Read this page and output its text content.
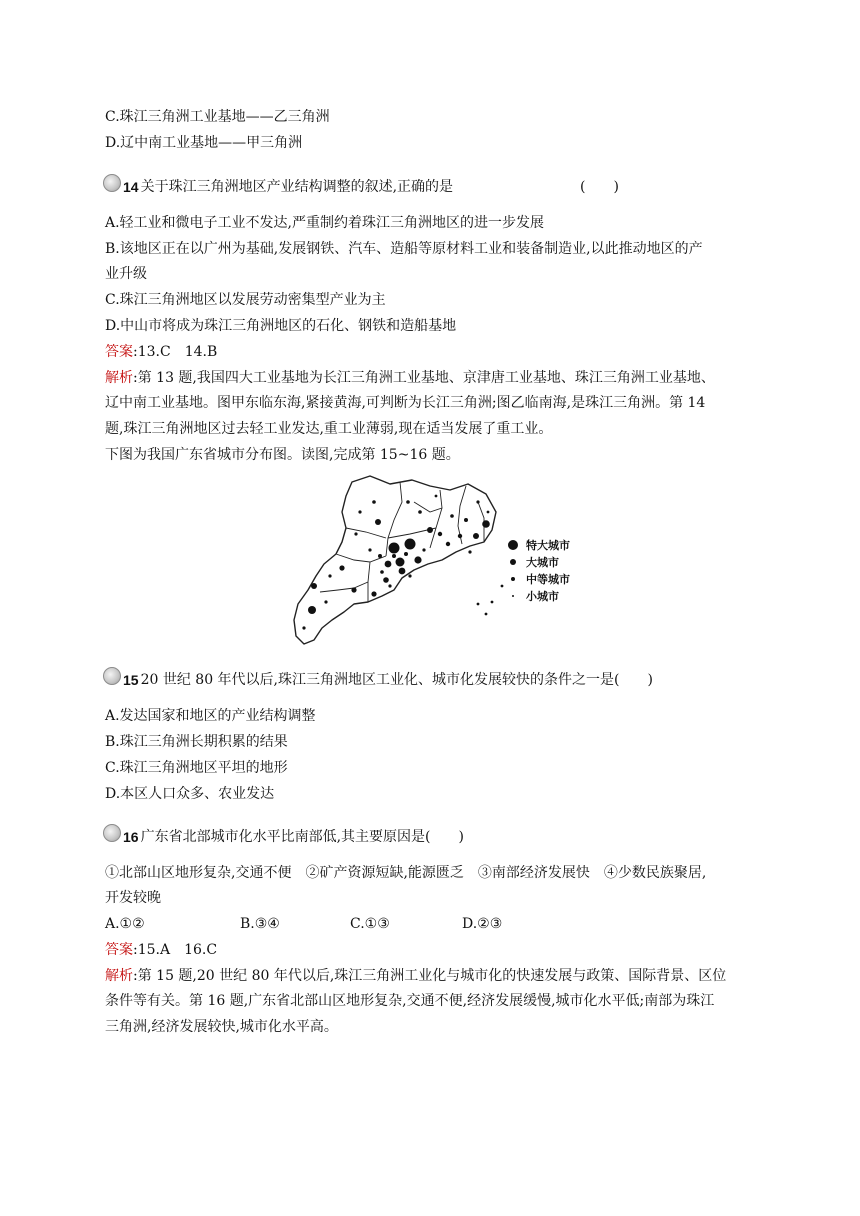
C.珠江三角洲工业基地——乙三角洲
D.辽中南工业基地——甲三角洲
14 关于珠江三角洲地区产业结构调整的叙述,正确的是	(　　)
A.轻工业和微电子工业不发达,严重制约着珠江三角洲地区的进一步发展
B.该地区正在以广州为基础,发展钢铁、汽车、造船等原材料工业和装备制造业,以此推动地区的产
业升级
C.珠江三角洲地区以发展劳动密集型产业为主
D.中山市将成为珠江三角洲地区的石化、钢铁和造船基地
答案:13.C　14.B
解析:第 13 题,我国四大工业基地为长江三角洲工业基地、京津唐工业基地、珠江三角洲工业基地、
辽中南工业基地。图甲东临东海,紧接黄海,可判断为长江三角洲;图乙临南海,是珠江三角洲。第 14
题,珠江三角洲地区过去轻工业发达,重工业薄弱,现在适当发展了重工业。
下图为我国广东省城市分布图。读图,完成第 15~16 题。
特大城市
大城市
中等城市
小城市
15 20 世纪 80 年代以后,珠江三角洲地区工业化、城市化发展较快的条件之一是 (　　)
A.发达国家和地区的产业结构调整
B.珠江三角洲长期积累的结果
C.珠江三角洲地区平坦的地形
D.本区人口众多、农业发达
16 广东省北部城市化水平比南部低,其主要原因是 (　　)
①北部山区地形复杂,交通不便　②矿产资源短缺,能源匮乏　③南部经济发展快　④少数民族聚居,
开发较晚
A.①②	B.③④	C.①③	D.②③
答案:15.A　16.C
解析:第 15 题,20 世纪 80 年代以后,珠江三角洲工业化与城市化的快速发展与政策、国际背景、区位
条件等有关。第 16 题,广东省北部山区地形复杂,交通不便,经济发展缓慢,城市化水平低;南部为珠江
三角洲,经济发展较快,城市化水平高。
